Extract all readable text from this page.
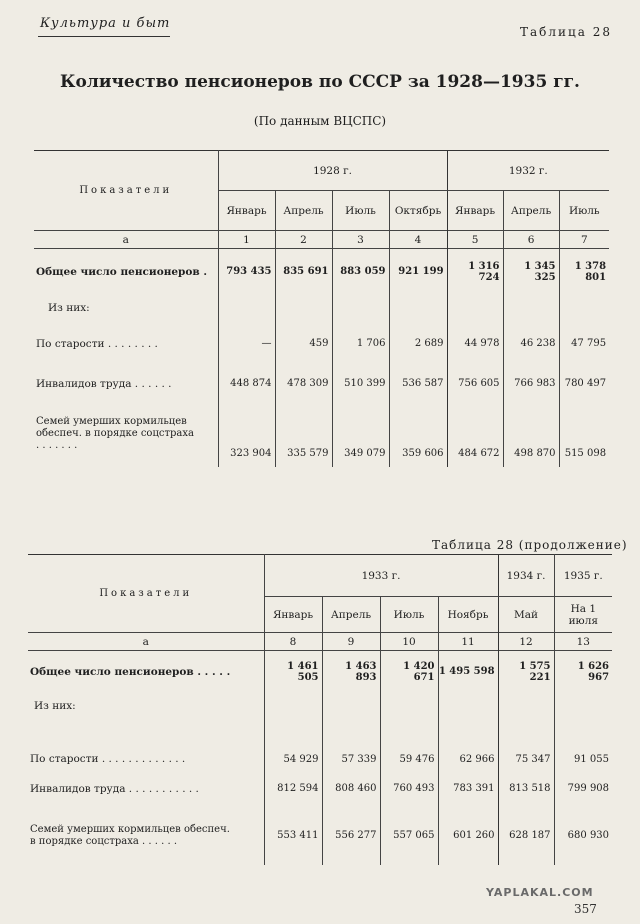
Культура и быт
Таблица 28
Количество пенсионеров по СССР за 1928—1935 гг.
(По данным ВЦСПС)
Показатели	1928 г.				1932 г.		
	Январь	Апрель	Июль	Октябрь	Январь	Апрель	Июль
а	1	2	3	4	5	6	7
Общее число пенсионеров .	793 435	835 691	883 059	921 199	1 316 724	1 345 325	1 378 801
Из них:							
По старости . . . . . . . .	—	459	1 706	2 689	44 978	46 238	47 795
Инвалидов труда . . . . . .	448 874	478 309	510 399	536 587	756 605	766 983	780 497
Семей умерших кормильцев обеспеч. в порядке соцстраха . . . . . . .	323 904	335 579	349 079	359 606	484 672	498 870	515 098
Таблица 28 (продолжение)
Показатели	1933 г.				1934 г.	1935 г.
	Январь	Апрель	Июль	Ноябрь	Май	На 1 июля
а	8	9	10	11	12	13
Общее число пенсионеров . . . . .	1 461 505	1 463 893	1 420 671	1 495 598	1 575 221	1 626 967
Из них:						
По старости . . . . . . . . . . . . .	54 929	57 339	59 476	62 966	75 347	91 055
Инвалидов труда . . . . . . . . . . .	812 594	808 460	760 493	783 391	813 518	799 908
Семей умерших кормильцев обеспеч. в порядке соцстраха . . . . . .	553 411	556 277	557 065	601 260	628 187	680 930
YAPLAKAL.COM
357
